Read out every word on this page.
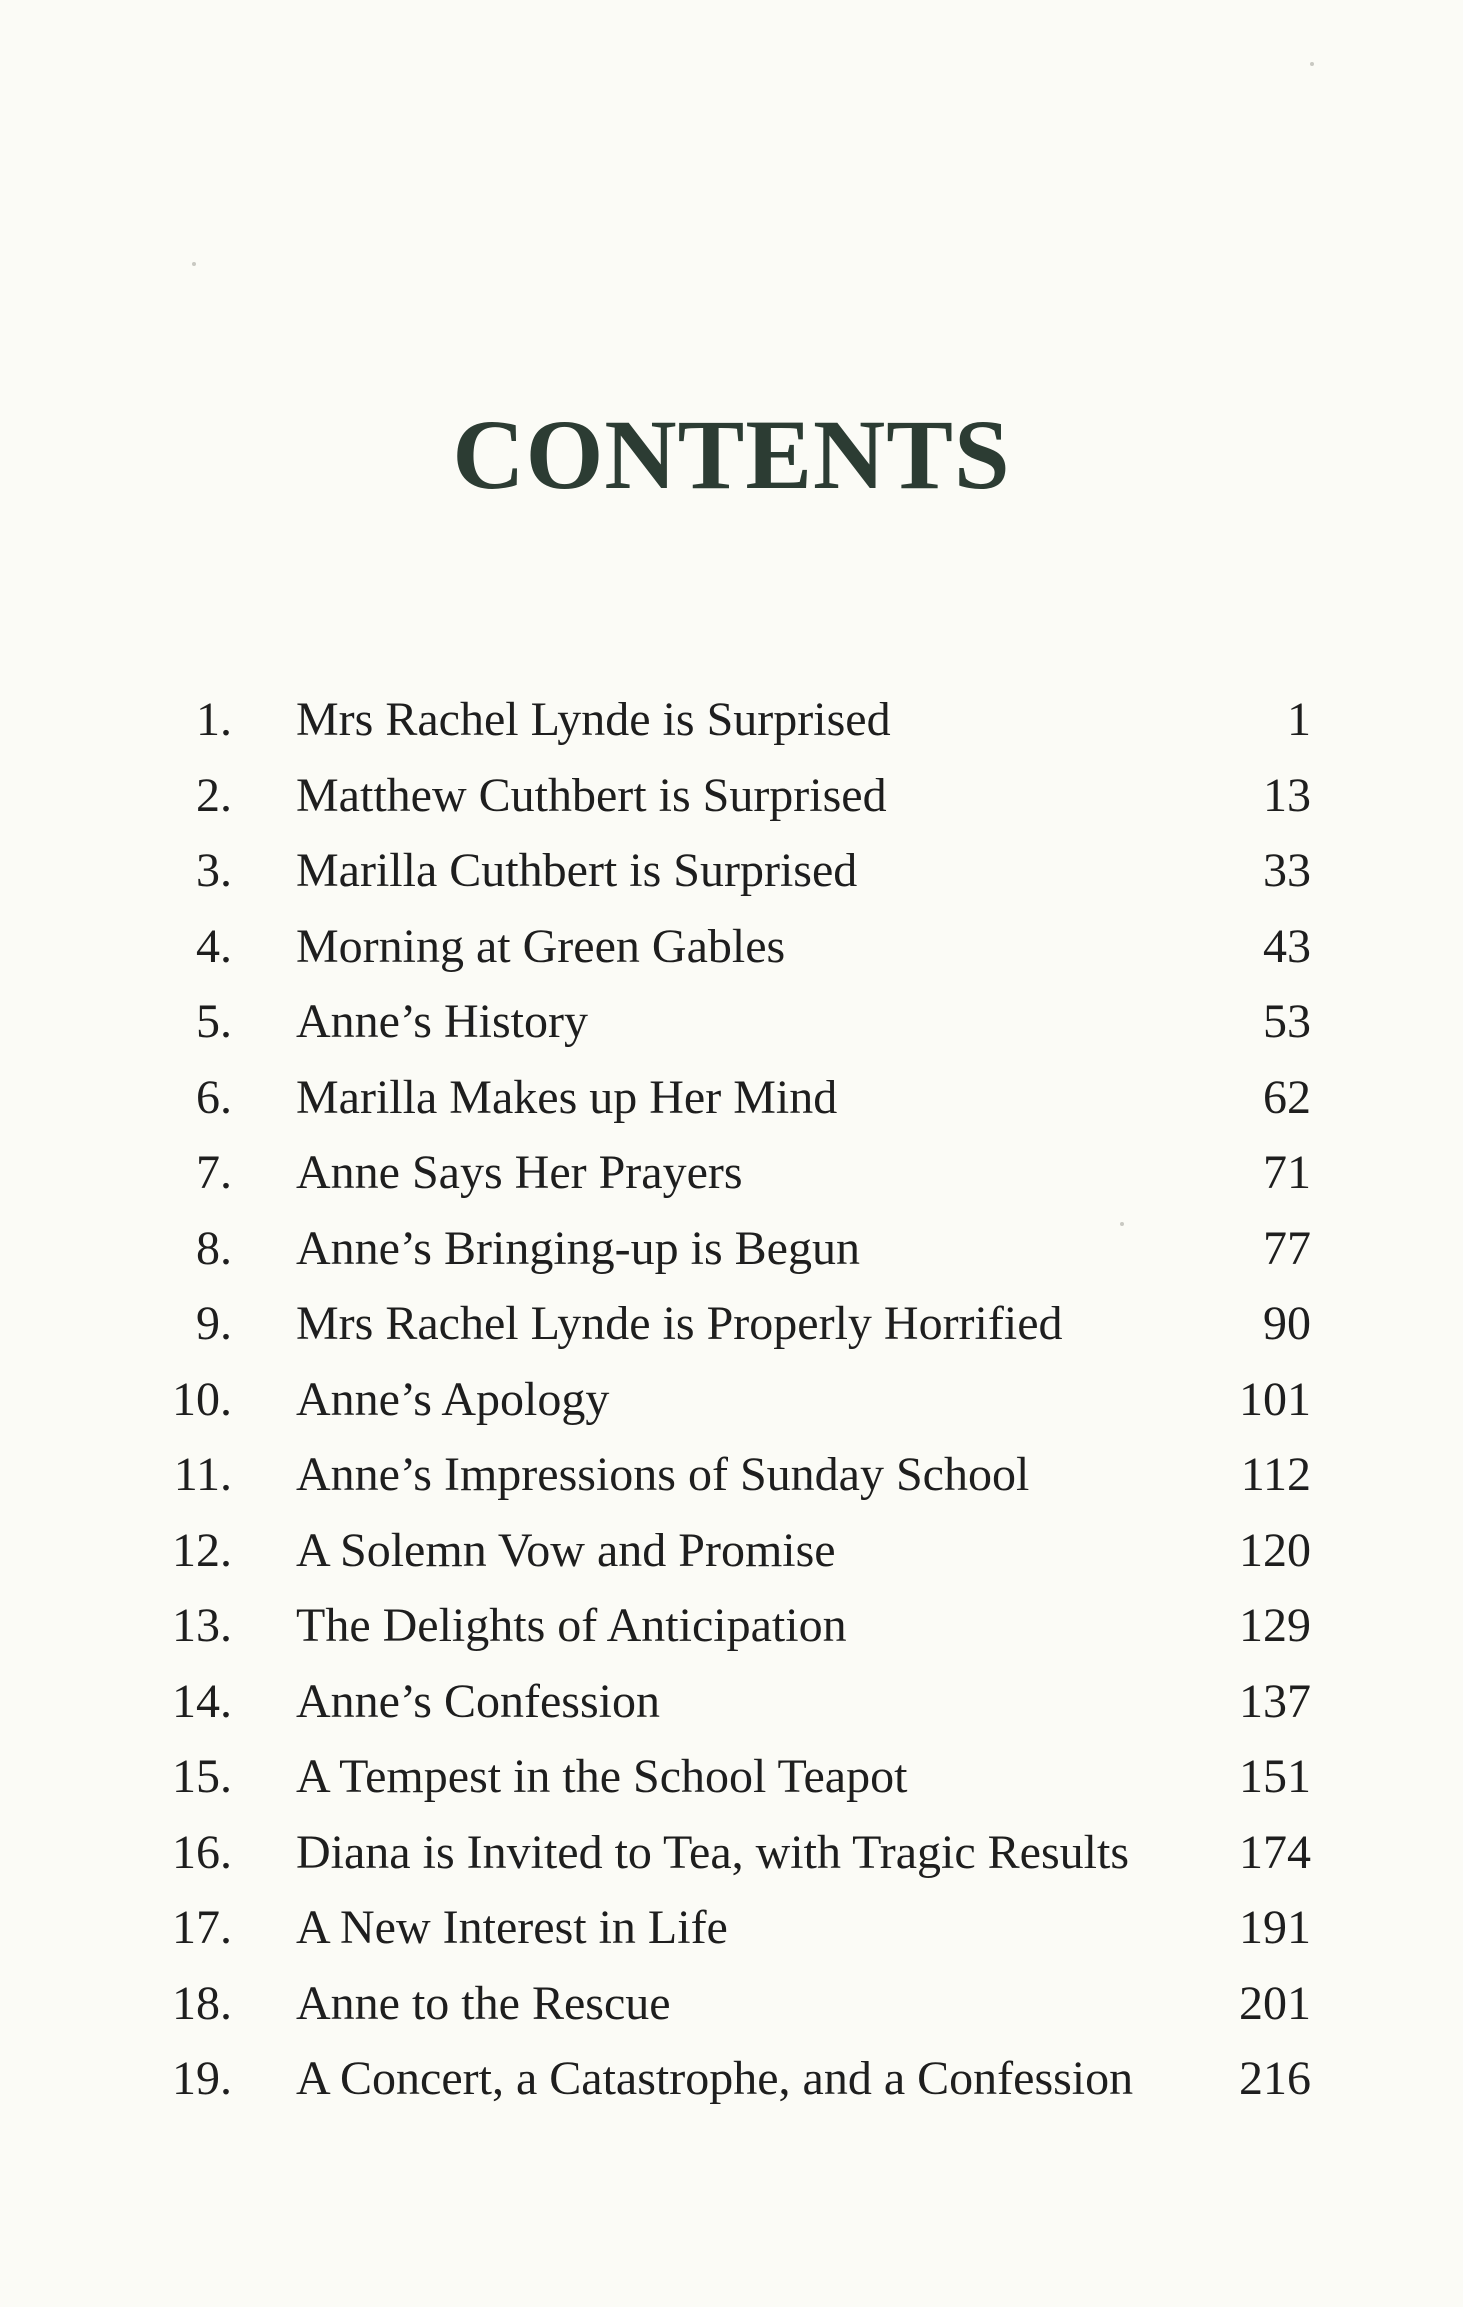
CONTENTS
1. Mrs Rachel Lynde is Surprised	1
2. Matthew Cuthbert is Surprised	13
3. Marilla Cuthbert is Surprised	33
4. Morning at Green Gables	43
5. Anne’s History	53
6. Marilla Makes up Her Mind	62
7. Anne Says Her Prayers	71
8. Anne’s Bringing-up is Begun	77
9. Mrs Rachel Lynde is Properly Horrified	90
10. Anne’s Apology	101
11. Anne’s Impressions of Sunday School	112
12. A Solemn Vow and Promise	120
13. The Delights of Anticipation	129
14. Anne’s Confession	137
15. A Tempest in the School Teapot	151
16. Diana is Invited to Tea, with Tragic Results 174
17. A New Interest in Life	191
18. Anne to the Rescue	201
19. A Concert, a Catastrophe, and a Confession 216
